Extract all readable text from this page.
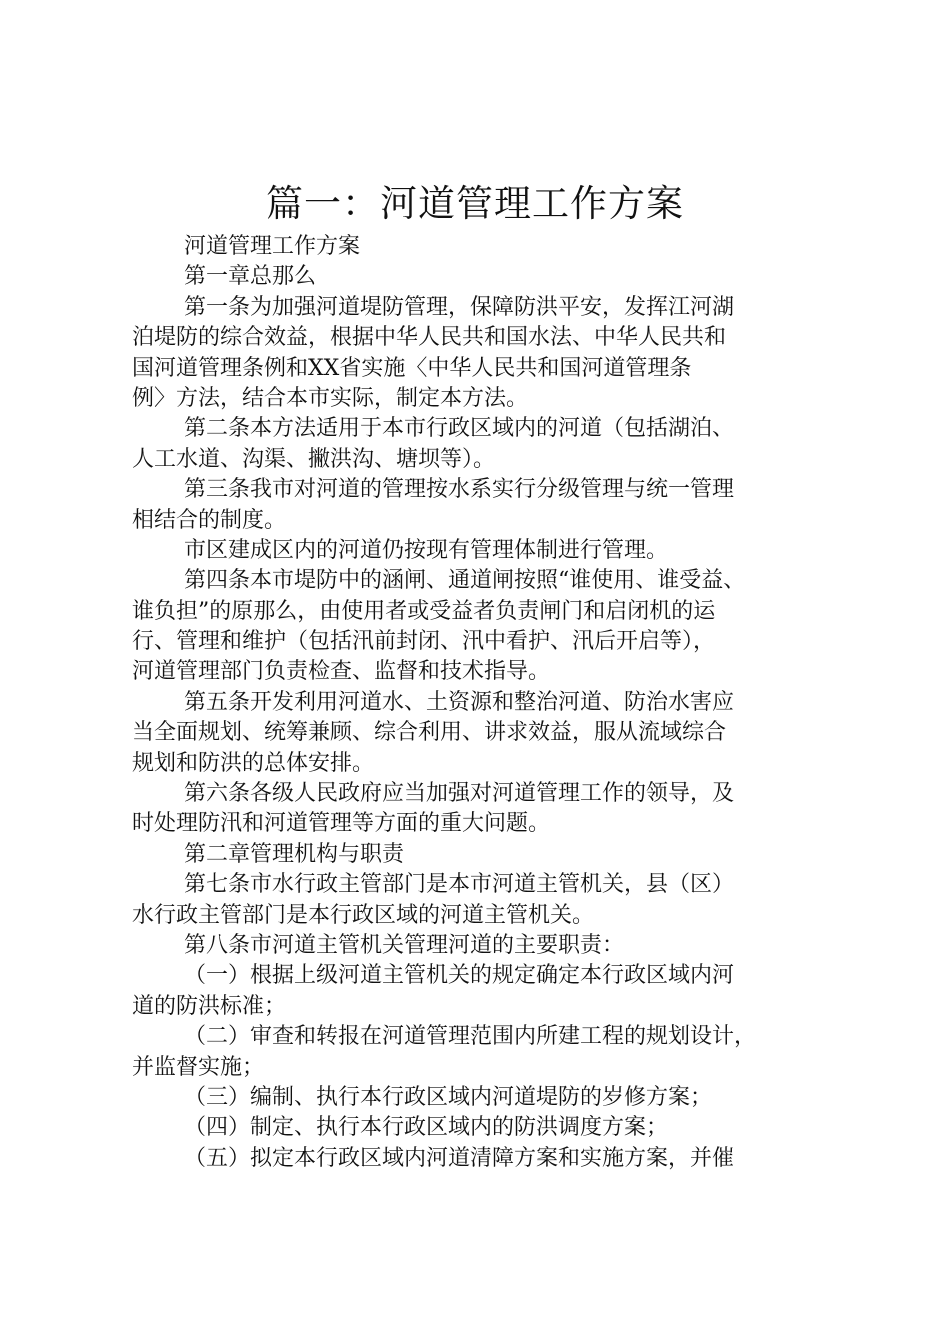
篇一：河道管理工作方案
河道管理工作方案
第一章总那么
第一条为加强河道堤防管理，保障防洪平安，发挥江河湖
泊堤防的综合效益，根据中华人民共和国水法、中华人民共和
国河道管理条例和XX省实施〈中华人民共和国河道管理条
例〉方法，结合本市实际，制定本方法。
第二条本方法适用于本市行政区域内的河道（包括湖泊、
人工水道、沟渠、撇洪沟、塘坝等）。
第三条我市对河道的管理按水系实行分级管理与统一管理
相结合的制度。
市区建成区内的河道仍按现有管理体制进行管理。
第四条本市堤防中的涵闸、通道闸按照“谁使用、谁受益、
谁负担”的原那么，由使用者或受益者负责闸门和启闭机的运
行、管理和维护（包括汛前封闭、汛中看护、汛后开启等），
河道管理部门负责检查、监督和技术指导。
第五条开发利用河道水、土资源和整治河道、防治水害应
当全面规划、统筹兼顾、综合利用、讲求效益，服从流域综合
规划和防洪的总体安排。
第六条各级人民政府应当加强对河道管理工作的领导，及
时处理防汛和河道管理等方面的重大问题。
第二章管理机构与职责
第七条市水行政主管部门是本市河道主管机关，县（区）
水行政主管部门是本行政区域的河道主管机关。
第八条市河道主管机关管理河道的主要职责：
（一）根据上级河道主管机关的规定确定本行政区域内河
道的防洪标准；
（二）审查和转报在河道管理范围内所建工程的规划设计，
并监督实施；
（三）编制、执行本行政区域内河道堤防的岁修方案；
（四）制定、执行本行政区域内的防洪调度方案；
（五）拟定本行政区域内河道清障方案和实施方案，并催
